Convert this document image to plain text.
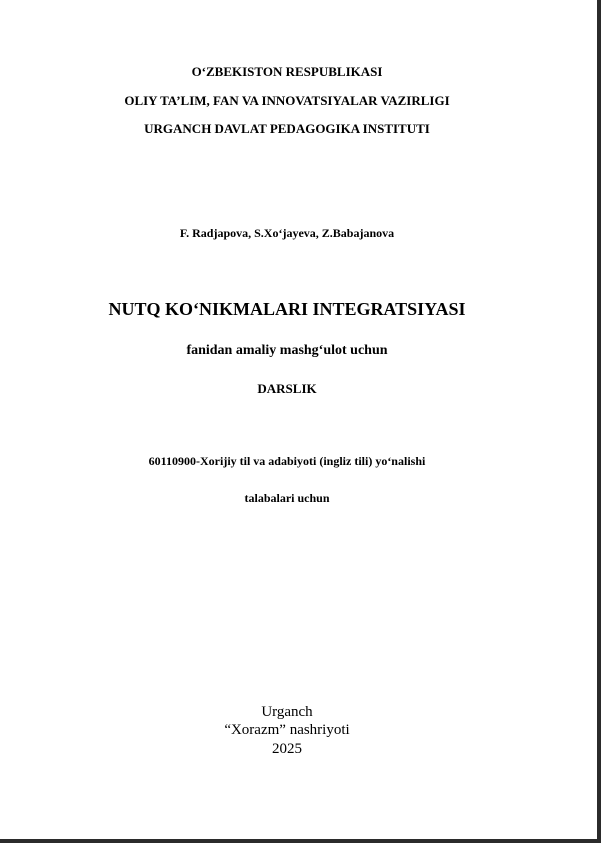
O‘ZBEKISTON RESPUBLIKASI
OLIY TA’LIM, FAN VA INNOVATSIYALAR VAZIRLIGI
URGANCH DAVLAT PEDAGOGIKA INSTITUTI
F. Radjapova, S.Xo‘jayeva, Z.Babajanova
NUTQ KO‘NIKMALARI INTEGRATSIYASI
fanidan amaliy mashg‘ulot uchun
DARSLIK
60110900-Xorijiy til va adabiyoti (ingliz tili) yo‘nalishi
talabalari uchun
Urganch
“Xorazm” nashriyoti
2025
